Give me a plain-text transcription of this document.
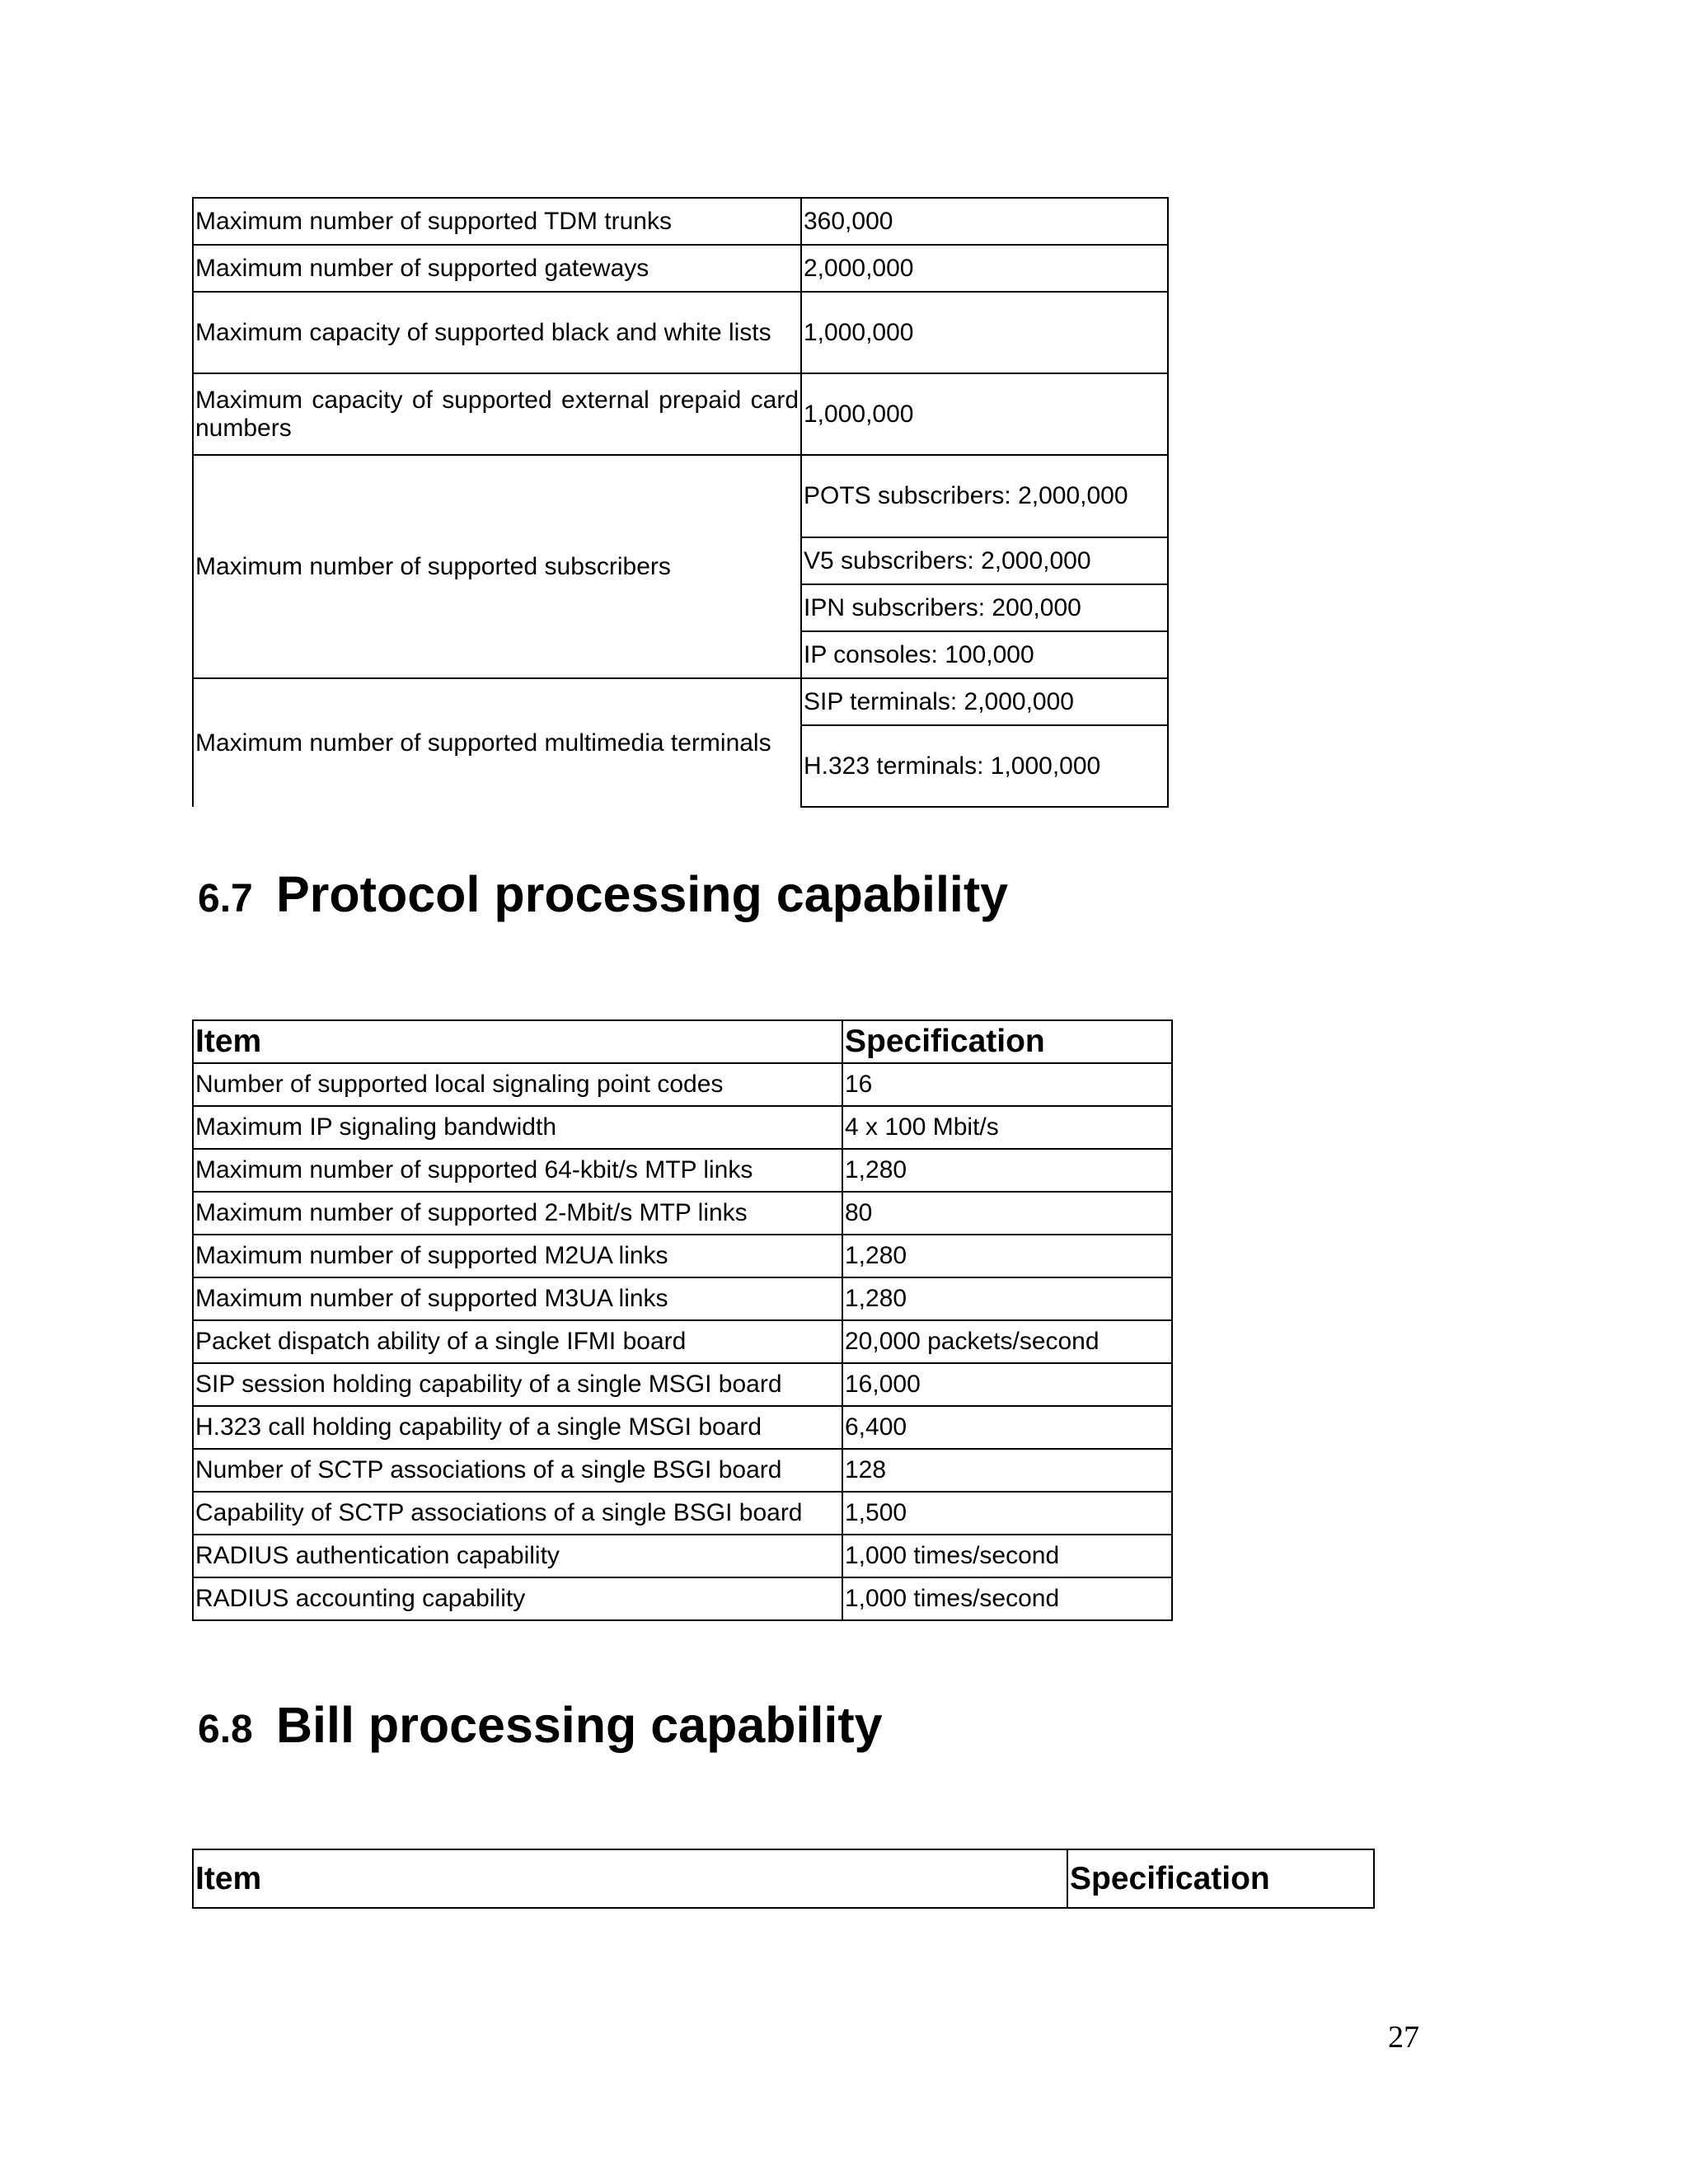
Maximum number of supported TDM trunks	360,000
Maximum number of supported gateways	2,000,000
Maximum capacity of supported black and white lists	1,000,000
Maximum capacity of supported external prepaid card numbers	1,000,000
Maximum number of supported subscribers	POTS subscribers: 2,000,000
	V5 subscribers: 2,000,000
	IPN subscribers: 200,000
	IP consoles: 100,000
Maximum number of supported multimedia terminals	SIP terminals: 2,000,000
	H.323 terminals: 1,000,000
6.7 Protocol processing capability
Item	Specification
Number of supported local signaling point codes	16
Maximum IP signaling bandwidth	4 x 100 Mbit/s
Maximum number of supported 64-kbit/s MTP links	1,280
Maximum number of supported 2-Mbit/s MTP links	80
Maximum number of supported M2UA links	1,280
Maximum number of supported M3UA links	1,280
Packet dispatch ability of a single IFMI board	20,000 packets/second
SIP session holding capability of a single MSGI board	16,000
H.323 call holding capability of a single MSGI board	6,400
Number of SCTP associations of a single BSGI board	128
Capability of SCTP associations of a single BSGI board	1,500
RADIUS authentication capability	1,000 times/second
RADIUS accounting capability	1,000 times/second
6.8 Bill processing capability
Item	Specification
27
